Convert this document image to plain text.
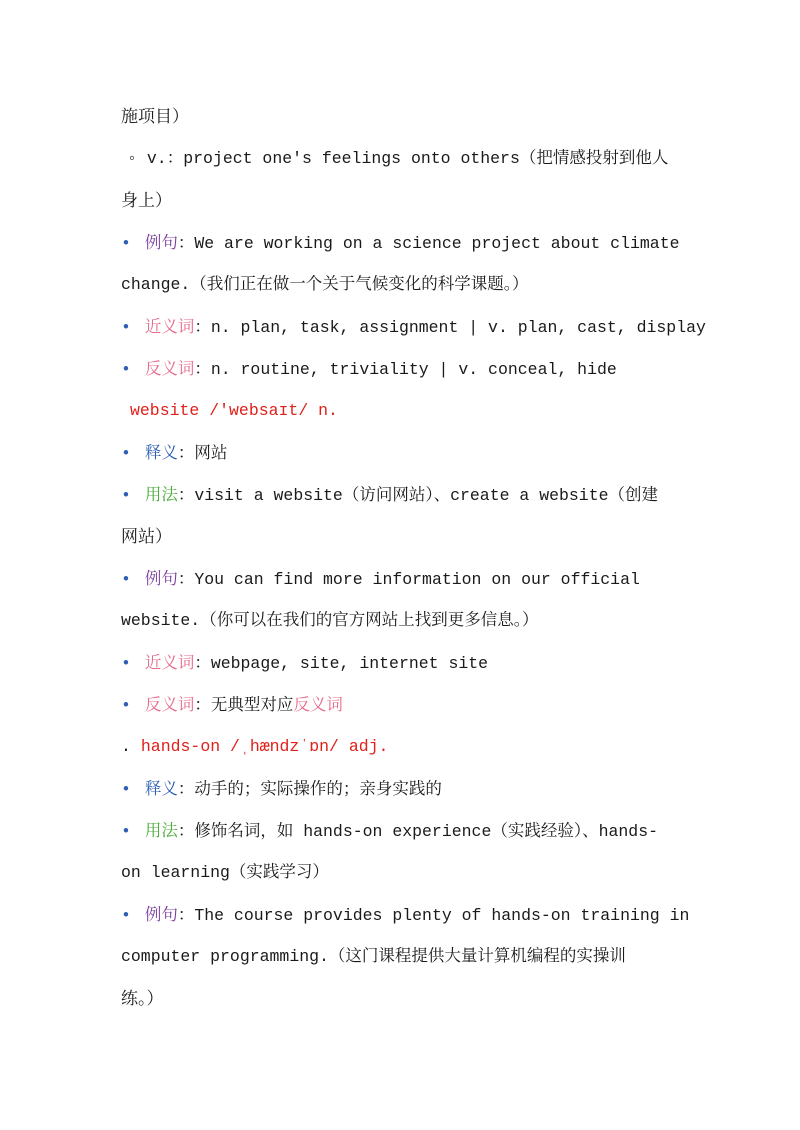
施项目）
◦ v.：project one's feelings onto others（把情感投射到他人
身上）
• 例句：We are working on a science project about climate
change.（我们正在做一个关于气候变化的科学课题。）
• 近义词：n. plan, task, assignment | v. plan, cast, display
• 反义词：n. routine, triviality | v. conceal, hide
website /'websaɪt/ n.
• 释义：网站
• 用法：visit a website（访问网站）、create a website（创建
网站）
• 例句：You can find more information on our official
website.（你可以在我们的官方网站上找到更多信息。）
• 近义词：webpage, site, internet site
• 反义词：无典型对应反义词
. hands-on /ˌhændzˈɒn/ adj.
• 释义：动手的；实际操作的；亲身实践的
• 用法：修饰名词，如 hands-on experience（实践经验）、hands-
on learning（实践学习）
• 例句：The course provides plenty of hands-on training in
computer programming.（这门课程提供大量计算机编程的实操训
练。）
